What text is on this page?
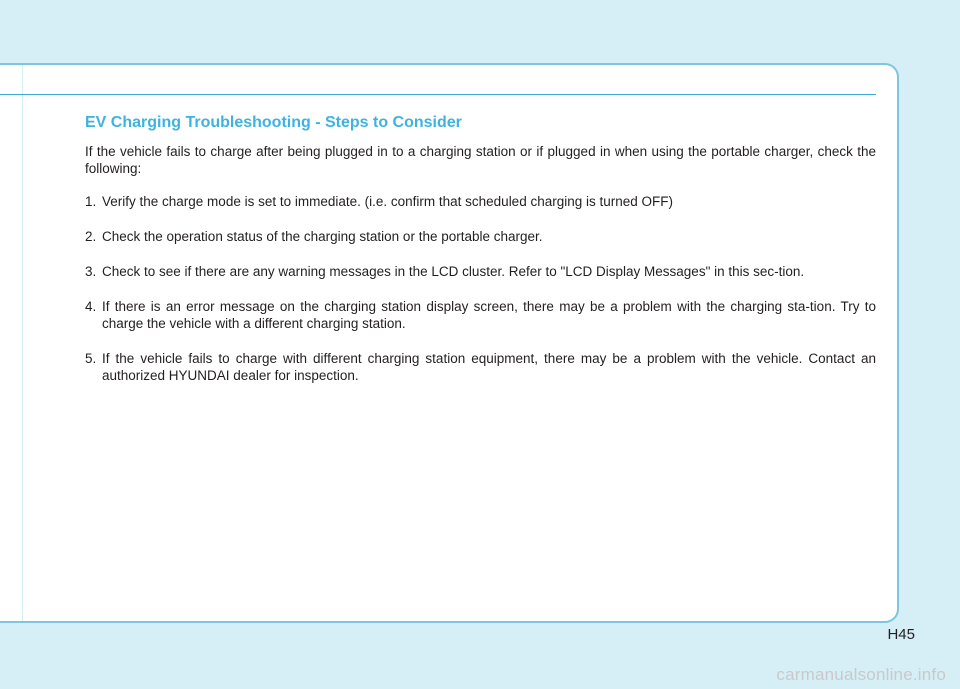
EV Charging Troubleshooting - Steps to Consider

If the vehicle fails to charge after being plugged in to a charging station or if plugged in when using the portable charger, check the following:

1. Verify the charge mode is set to immediate. (i.e. confirm that scheduled charging is turned OFF)
2. Check the operation status of the charging station or the portable charger.
3. Check to see if there are any warning messages in the LCD cluster. Refer to "LCD Display Messages" in this sec-tion.
4. If there is an error message on the charging station display screen, there may be a problem with the charging sta-tion. Try to charge the vehicle with a different charging station.
5. If the vehicle fails to charge with different charging station equipment, there may be a problem with the vehicle. Contact an authorized HYUNDAI dealer for inspection.
H45
carmanualsonline.info
